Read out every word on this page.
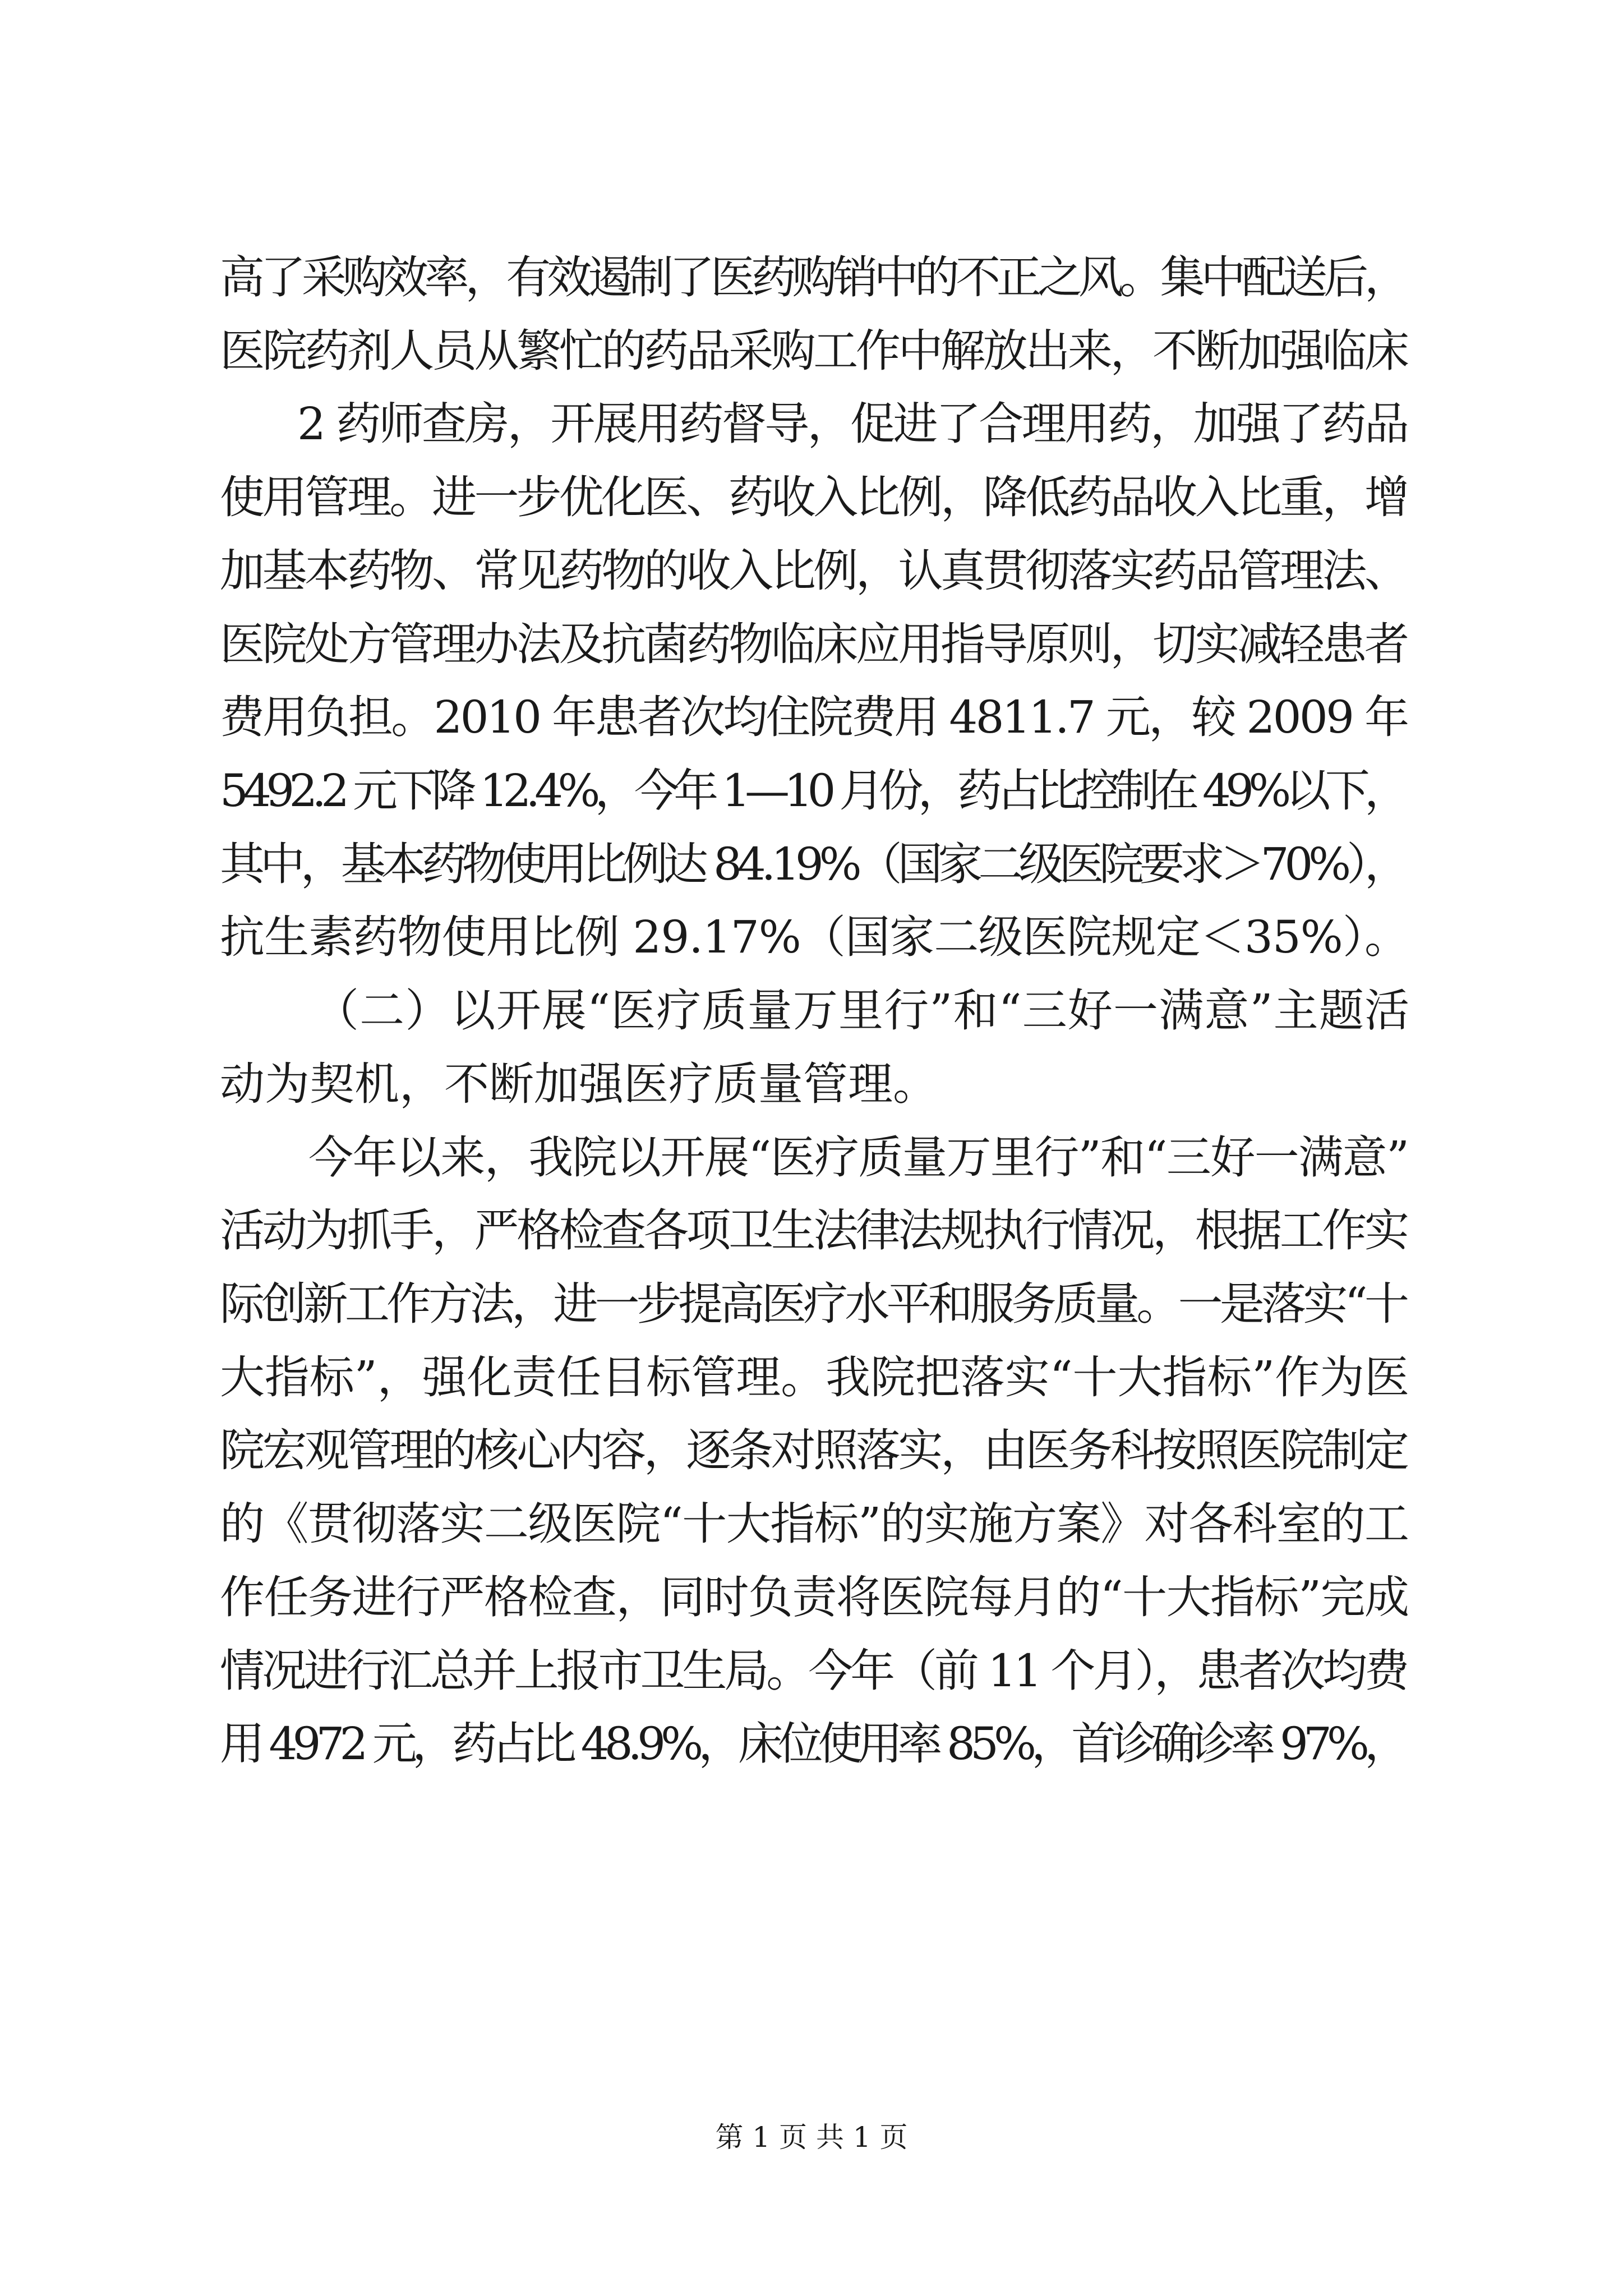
高了采购效率，有效遏制了医药购销中的不正之风。集中配送后，
医院药剂人员从繁忙的药品采购工作中解放出来，不断加强临床
2 药师查房，开展用药督导，促进了合理用药，加强了药品
使用管理。进一步优化医、药收入比例，降低药品收入比重，增
加基本药物、常见药物的收入比例，认真贯彻落实药品管理法、
医院处方管理办法及抗菌药物临床应用指导原则，切实减轻患者
费用负担。2010 年患者次均住院费用 4811.7 元，较 2009 年
5492.2 元下降 12.4%，今年 1—10 月份，药占比控制在 49%以下，
其中，基本药物使用比例达 84.19%（国家二级医院要求＞70%），
抗生素药物使用比例 29.17%（国家二级医院规定＜35%）。
（二）以开展“医疗质量万里行”和“三好一满意”主题活
动为契机，不断加强医疗质量管理。
今年以来，我院以开展“医疗质量万里行”和“三好一满意”
活动为抓手，严格检查各项卫生法律法规执行情况，根据工作实
际创新工作方法，进一步提高医疗水平和服务质量。一是落实“十
大指标”，强化责任目标管理。我院把落实“十大指标”作为医
院宏观管理的核心内容，逐条对照落实，由医务科按照医院制定
的《贯彻落实二级医院“十大指标”的实施方案》对各科室的工
作任务进行严格检查，同时负责将医院每月的“十大指标”完成
情况进行汇总并上报市卫生局。今年（前 11 个月），患者次均费
用 4972 元，药占比 48.9%，床位使用率 85%，首诊确诊率 97%，
第 1 页 共 1 页
